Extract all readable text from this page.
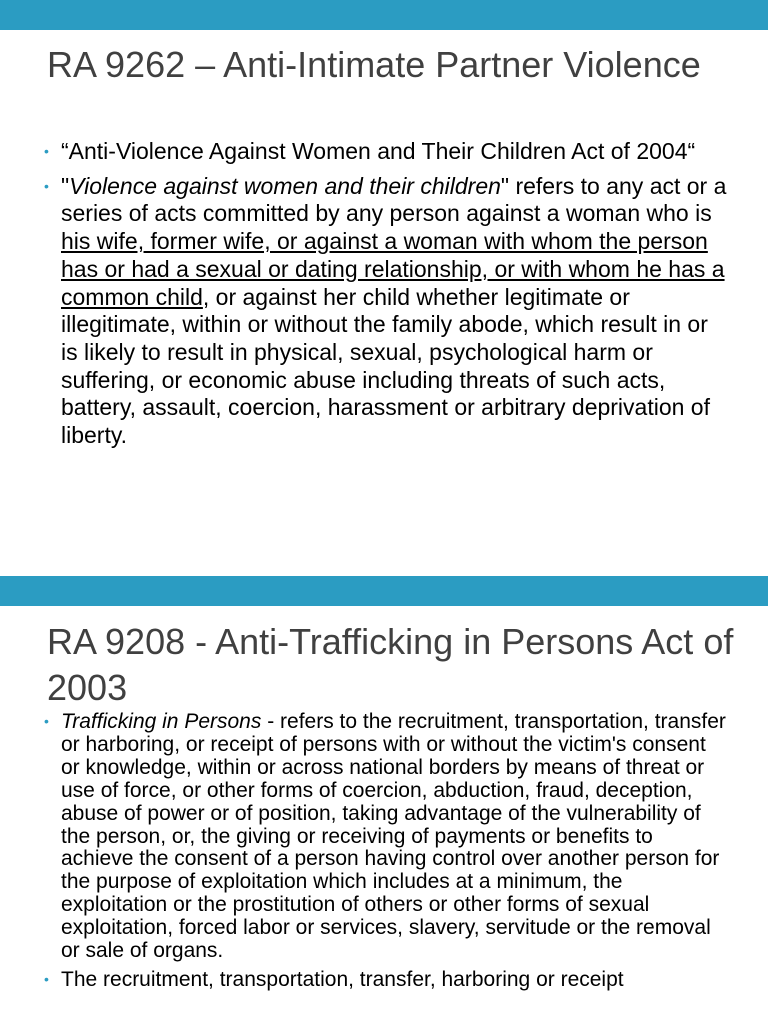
RA 9262 – Anti-Intimate Partner Violence
• “Anti-Violence Against Women and Their Children Act of 2004“
• "Violence against women and their children" refers to any act or a series of acts committed by any person against a woman who is his wife, former wife, or against a woman with whom the person has or had a sexual or dating relationship, or with whom he has a common child, or against her child whether legitimate or illegitimate, within or without the family abode, which result in or is likely to result in physical, sexual, psychological harm or suffering, or economic abuse including threats of such acts, battery, assault, coercion, harassment or arbitrary deprivation of liberty.
RA 9208 - Anti-Trafficking in Persons Act of 2003
• Trafficking in Persons - refers to the recruitment, transportation, transfer or harboring, or receipt of persons with or without the victim's consent or knowledge, within or across national borders by means of threat or use of force, or other forms of coercion, abduction, fraud, deception, abuse of power or of position, taking advantage of the vulnerability of the person, or, the giving or receiving of payments or benefits to achieve the consent of a person having control over another person for the purpose of exploitation which includes at a minimum, the exploitation or the prostitution of others or other forms of sexual exploitation, forced labor or services, slavery, servitude or the removal or sale of organs.
• The recruitment, transportation, transfer, harboring or receipt
